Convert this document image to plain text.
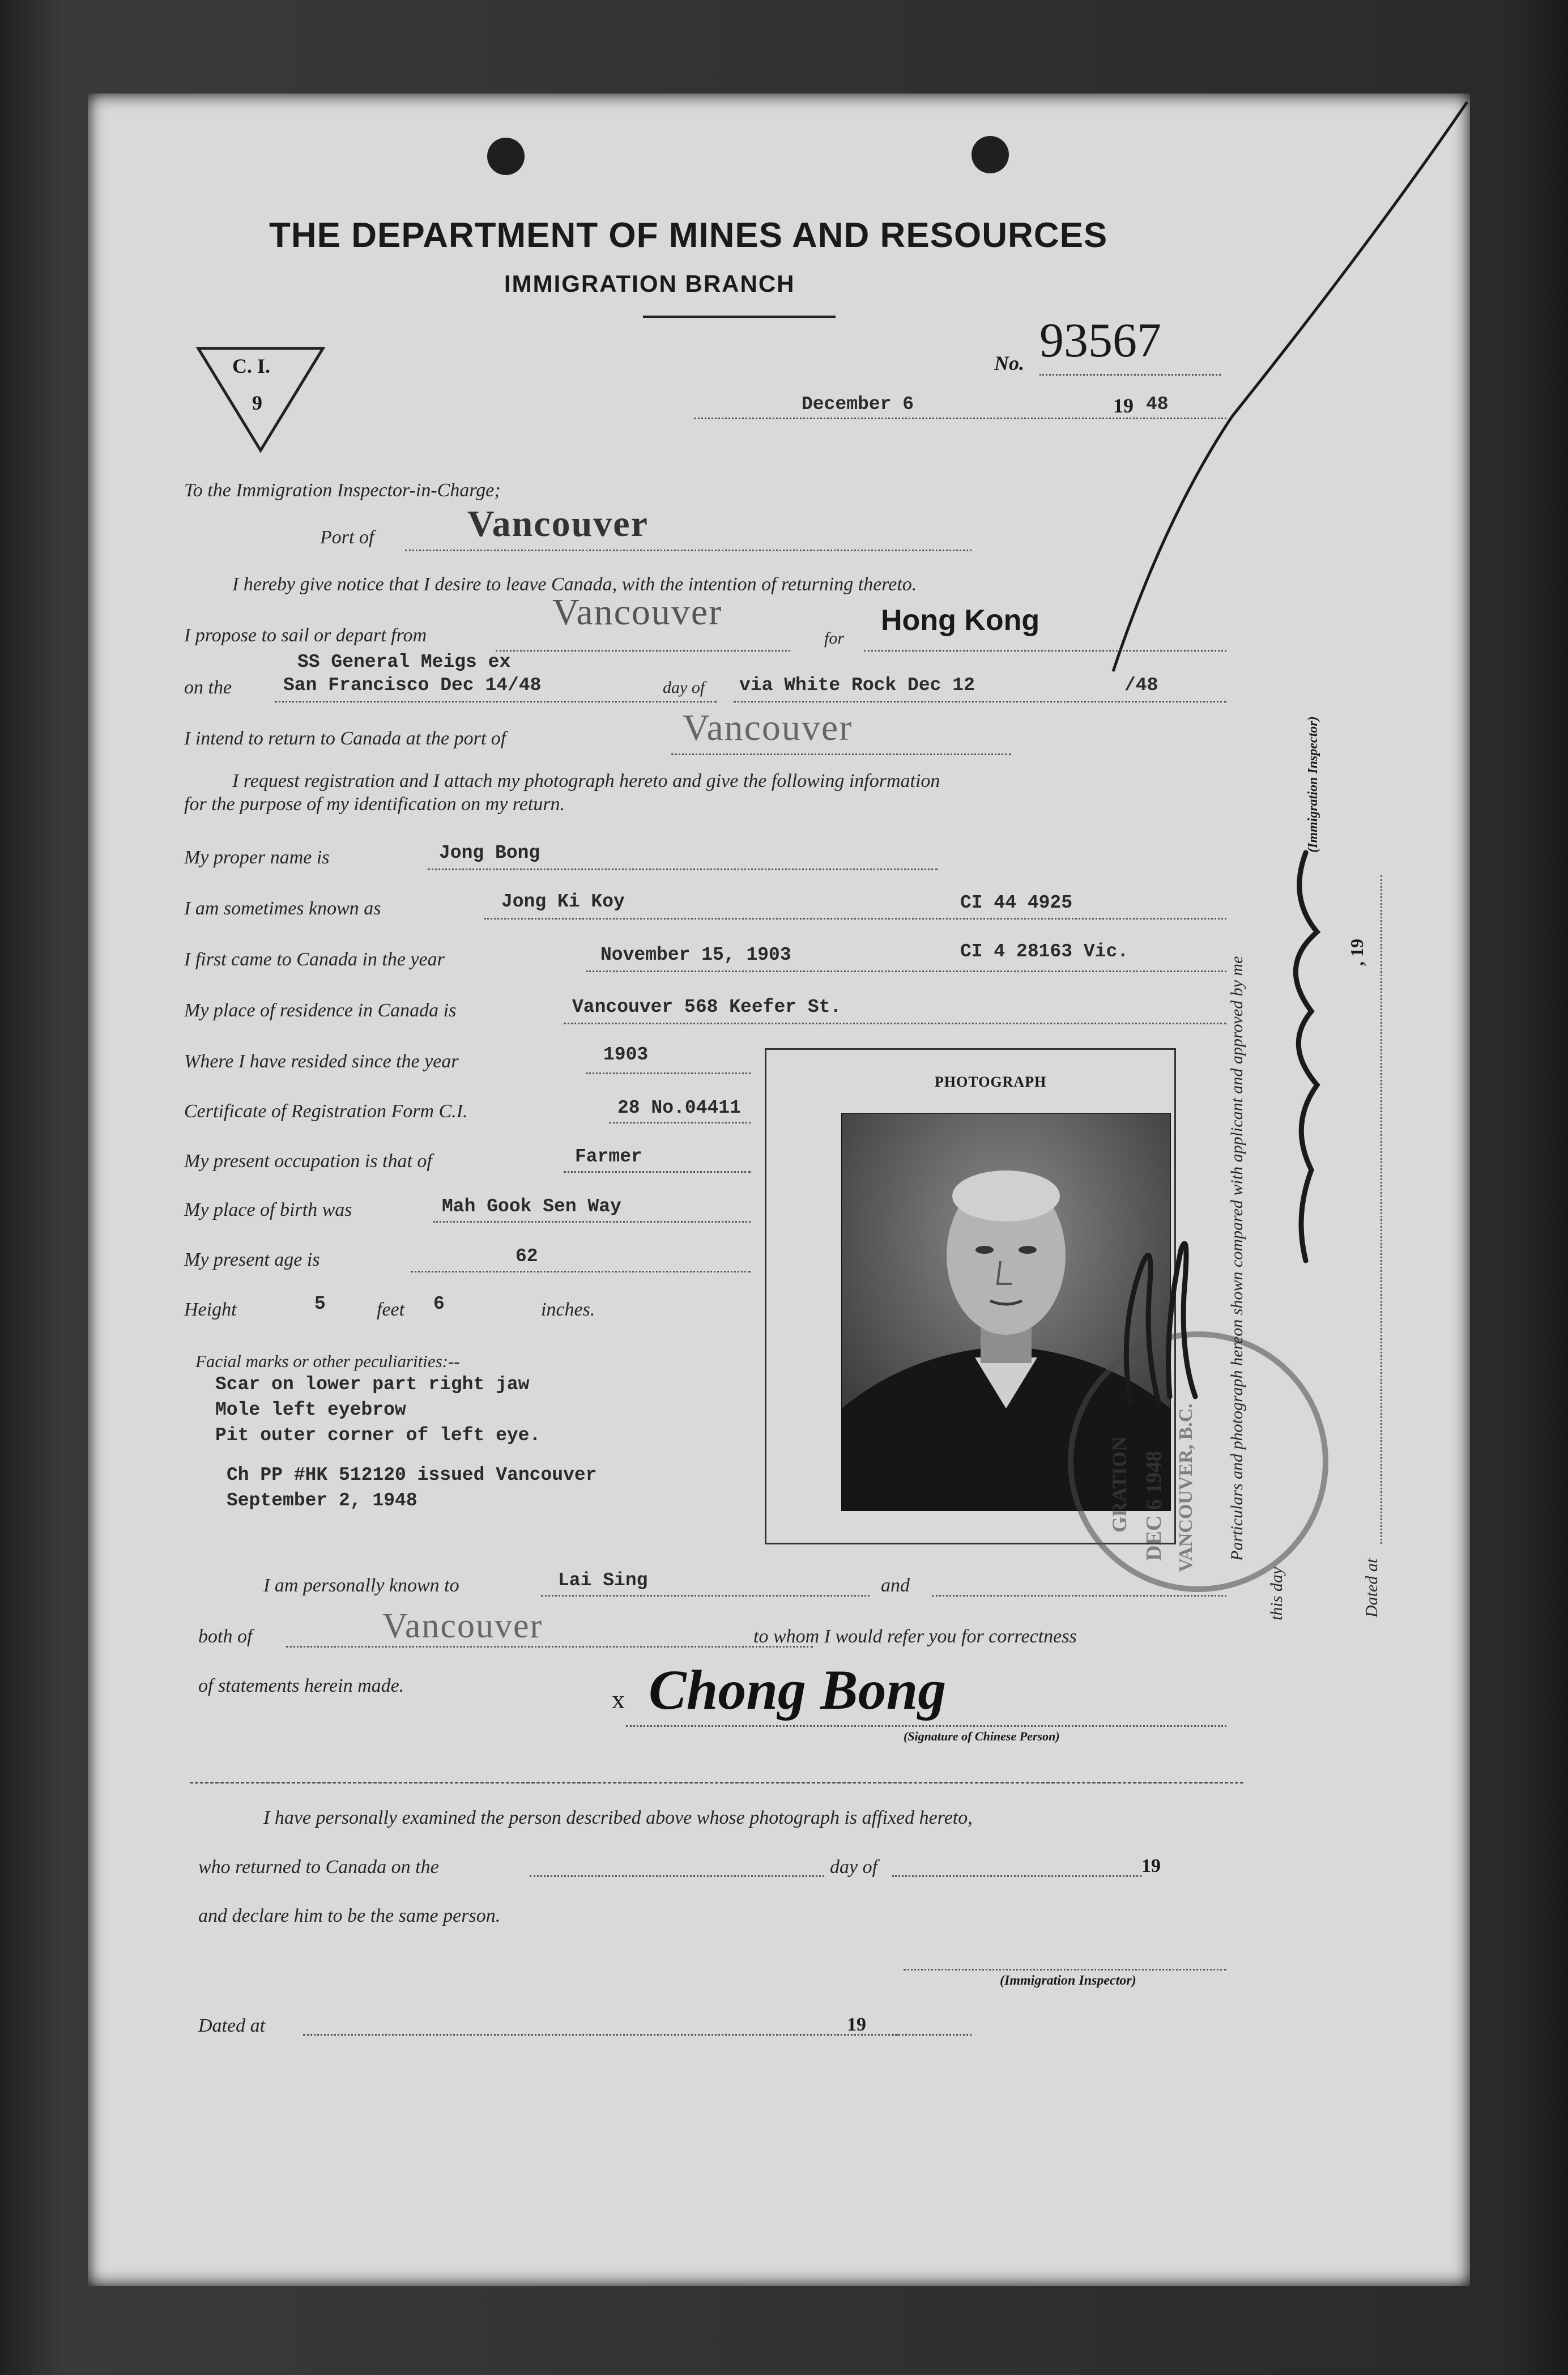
THE DEPARTMENT OF MINES AND RESOURCES
IMMIGRATION BRANCH
C. I.
9
No. 93567
December 6	19 48
To the Immigration Inspector-in-Charge;
Port of Vancouver
I hereby give notice that I desire to leave Canada, with the intention of returning thereto.
I propose to sail or depart from
Vancouver
for
Hong Kong
SS General Meigs ex
on the	San Francisco Dec 14/48	day of via White Rock Dec 12	/48
I intend to return to Canada at the port of	Vancouver
I request registration and I attach my photograph hereto and give the following information
for the purpose of my identification on my return.
My proper name is	Jong Bong
I am sometimes known as	Jong Ki Koy	CI 44 4925
I first came to Canada in the year	November 15, 1903	CI 4 28163 Vic.
My place of residence in Canada is	Vancouver 568 Keefer St.
Where I have resided since the year	1903
Certificate of Registration Form C.I.	28 No.04411
My present occupation is that of	Farmer
My place of birth was	Mah Gook Sen Way
My present age is	62
Height	5	feet 6	inches.
Facial marks or other peculiarities:--
Scar on lower part right jaw
Mole left eyebrow
Pit outer corner of left eye.
Ch PP #HK 512120 issued Vancouver
September 2, 1948
PHOTOGRAPH
GRATION DEC 6 1948 VANCOUVER, B.C.
I am personally known to	Lai Sing	and
both of	Vancouver	to whom I would refer you for correctness
of statements herein made.	x Chong Bong
(Signature of Chinese Person)
I have personally examined the person described above whose photograph is affixed hereto,
who returned to Canada on the	day of	19
and declare him to be the same person.
(Immigration Inspector)
Dated at	19
Particulars and photograph hereon shown compared with applicant and approved by me
this day
(Immigration Inspector)
, 19
Dated at
